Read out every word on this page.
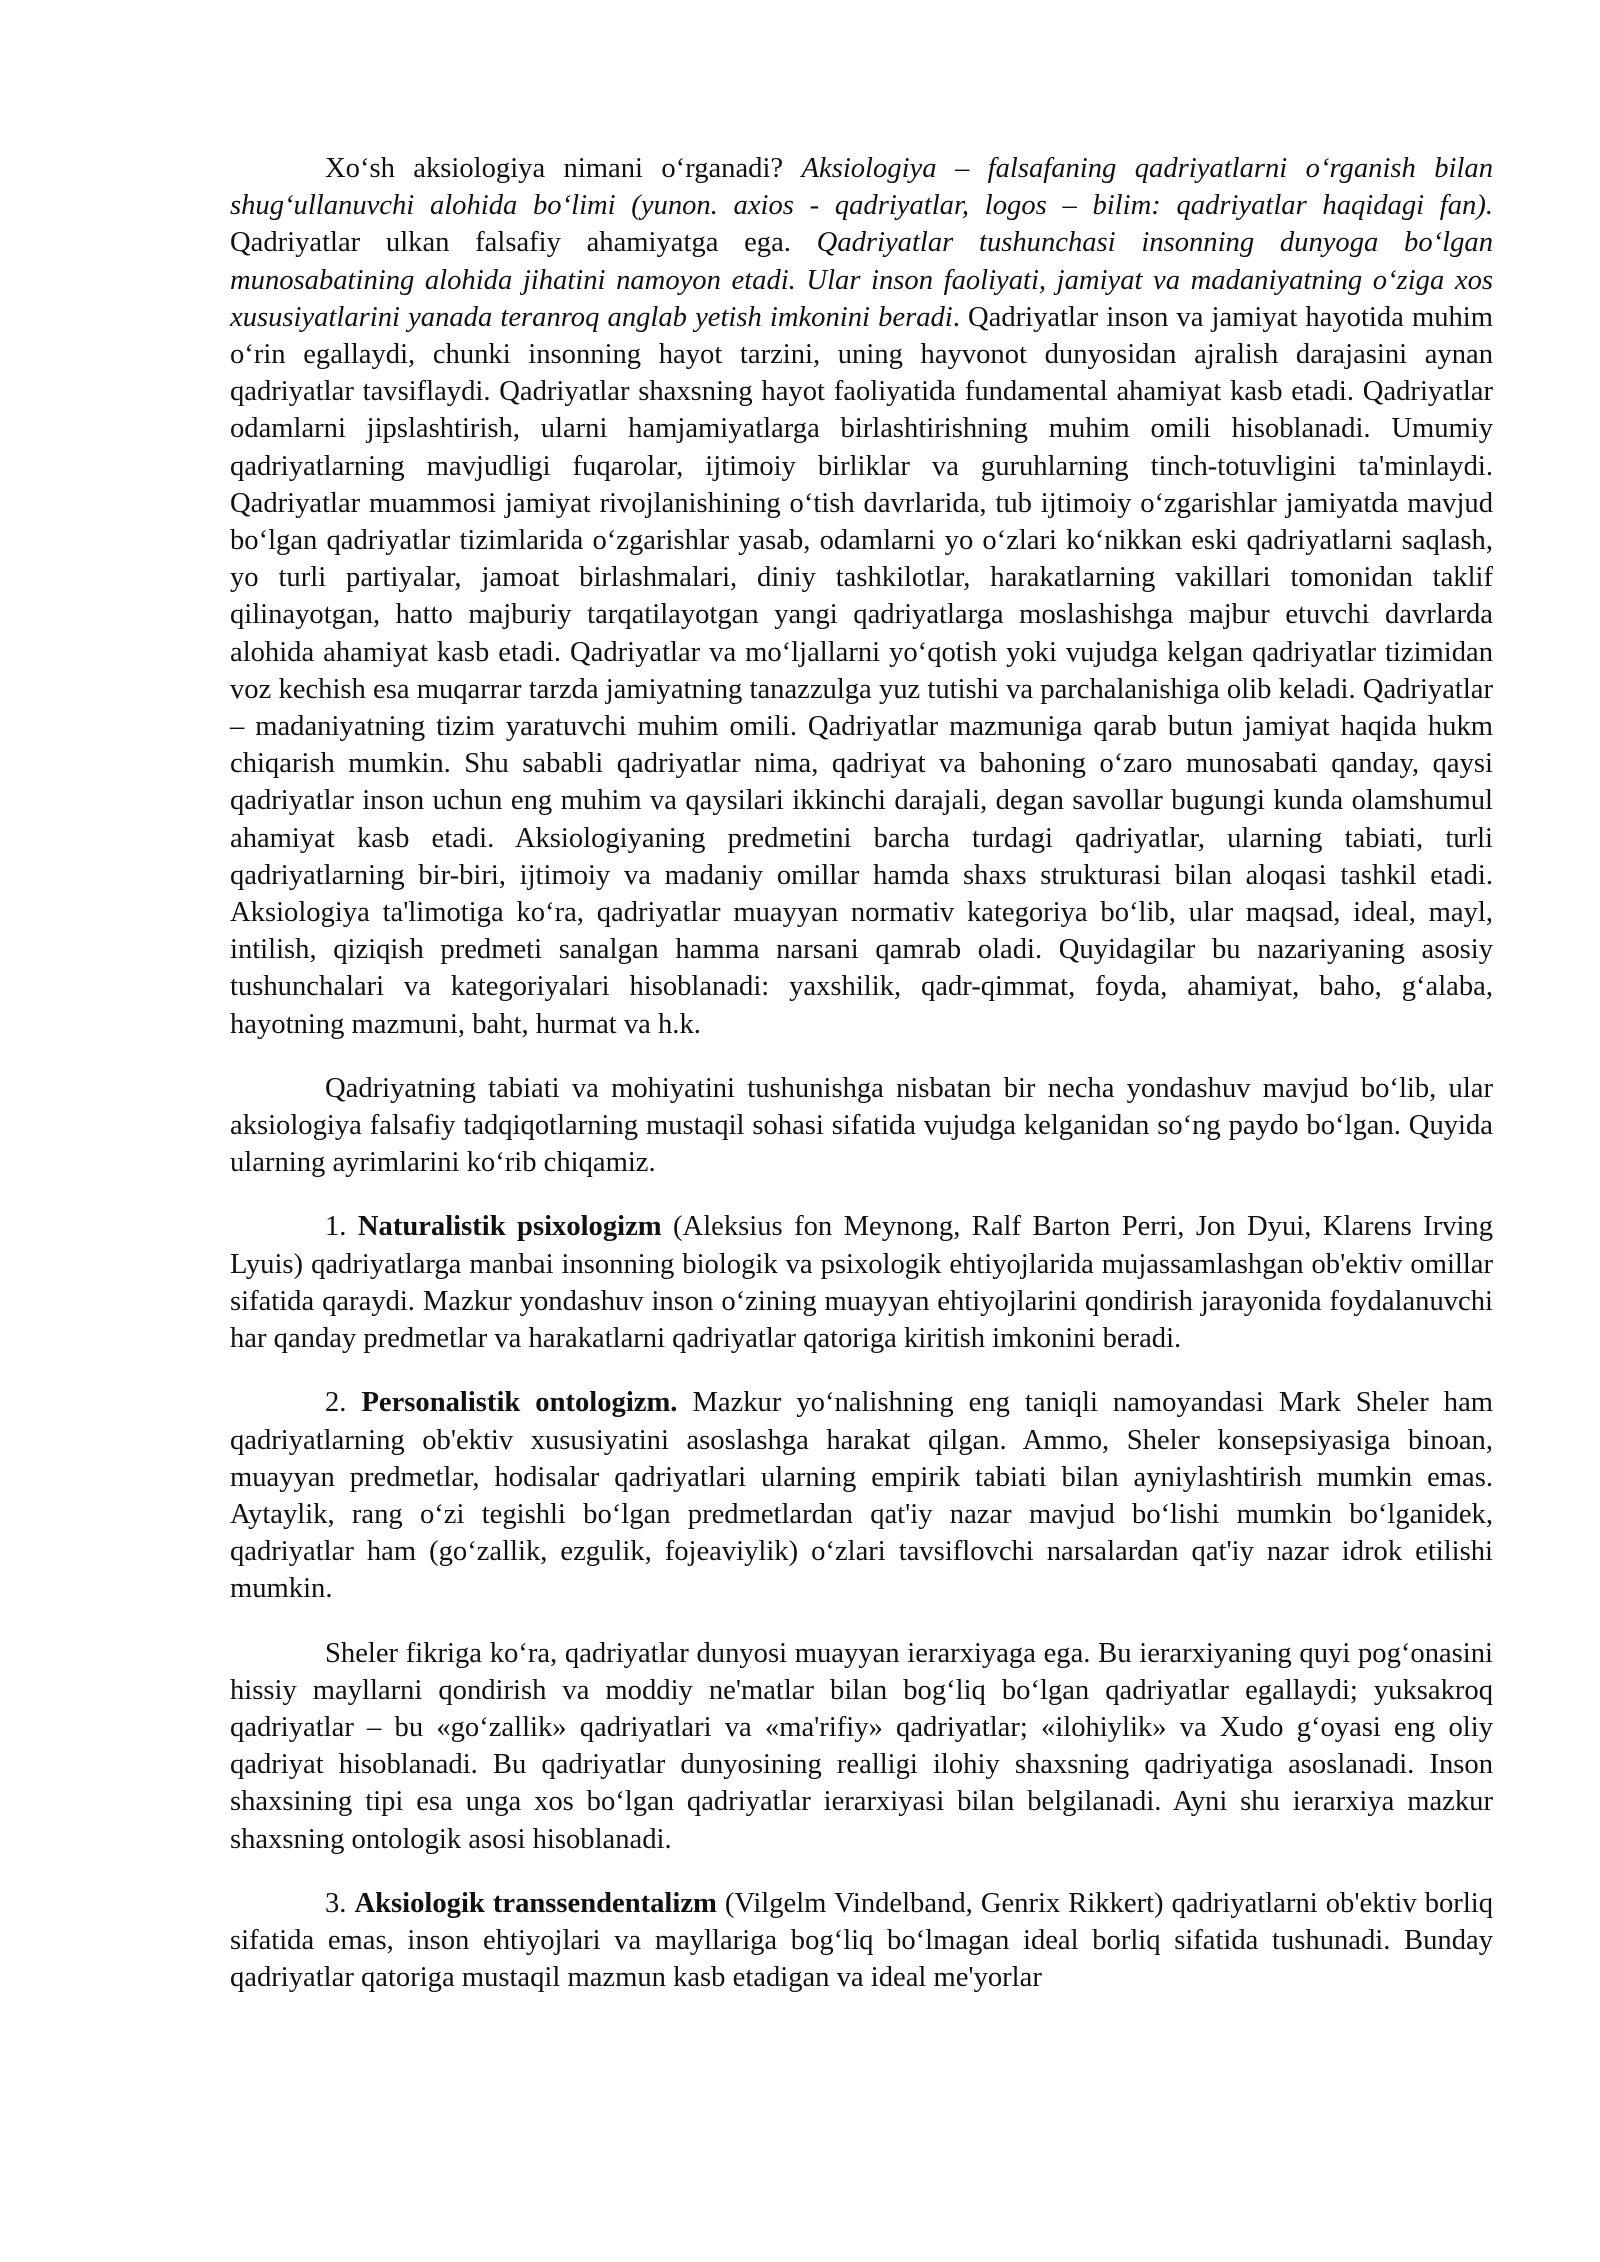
Xoʻsh aksiologiya nimani oʻrganadi? Aksiologiya – falsafaning qadriyatlarni oʻrganish bilan shugʻullanuvchi alohida boʻlimi (yunon. axios - qadriyatlar, logos – bilim: qadriyatlar haqidagi fan). Qadriyatlar ulkan falsafiy ahamiyatga ega. Qadriyatlar tushunchasi insonning dunyoga boʻlgan munosabatining alohida jihatini namoyon etadi. Ular inson faoliyati, jamiyat va madaniyatning oʻziga xos xususiyatlarini yanada teranroq anglab yetish imkonini beradi. Qadriyatlar inson va jamiyat hayotida muhim oʻrin egallaydi, chunki insonning hayot tarzini, uning hayvonot dunyosidan ajralish darajasini aynan qadriyatlar tavsiflaydi. Qadriyatlar shaxsning hayot faoliyatida fundamental ahamiyat kasb etadi. Qadriyatlar odamlarni jipslashtirish, ularni hamjamiyatlarga birlashtirishning muhim omili hisoblanadi. Umumiy qadriyatlarning mavjudligi fuqarolar, ijtimoiy birliklar va guruhlarning tinch-totuvligini ta'minlaydi. Qadriyatlar muammosi jamiyat rivojlanishining oʻtish davrlarida, tub ijtimoiy oʻzgarishlar jamiyatda mavjud boʻlgan qadriyatlar tizimlarida oʻzgarishlar yasab, odamlarni yo oʻzlari koʻnikkan eski qadriyatlarni saqlash, yo turli partiyalar, jamoat birlashmalari, diniy tashkilotlar, harakatlarning vakillari tomonidan taklif qilinayotgan, hatto majburiy tarqatilayotgan yangi qadriyatlarga moslashishga majbur etuvchi davrlarda alohida ahamiyat kasb etadi. Qadriyatlar va moʻljallarni yoʻqotish yoki vujudga kelgan qadriyatlar tizimidan voz kechish esa muqarrar tarzda jamiyatning tanazzulga yuz tutishi va parchalanishiga olib keladi. Qadriyatlar – madaniyatning tizim yaratuvchi muhim omili. Qadriyatlar mazmuniga qarab butun jamiyat haqida hukm chiqarish mumkin. Shu sababli qadriyatlar nima, qadriyat va bahoning oʻzaro munosabati qanday, qaysi qadriyatlar inson uchun eng muhim va qaysilari ikkinchi darajali, degan savollar bugungi kunda olamshumul ahamiyat kasb etadi. Aksiologiyaning predmetini barcha turdagi qadriyatlar, ularning tabiati, turli qadriyatlarning bir-biri, ijtimoiy va madaniy omillar hamda shaxs strukturasi bilan aloqasi tashkil etadi. Aksiologiya ta'limotiga koʻra, qadriyatlar muayyan normativ kategoriya boʻlib, ular maqsad, ideal, mayl, intilish, qiziqish predmeti sanalgan hamma narsani qamrab oladi. Quyidagilar bu nazariyaning asosiy tushunchalari va kategoriyalari hisoblanadi: yaxshilik, qadr-qimmat, foyda, ahamiyat, baho, gʻalaba, hayotning mazmuni, baht, hurmat va h.k.

Qadriyatning tabiati va mohiyatini tushunishga nisbatan bir necha yondashuv mavjud boʻlib, ular aksiologiya falsafiy tadqiqotlarning mustaqil sohasi sifatida vujudga kelganidan soʻng paydo boʻlgan. Quyida ularning ayrimlarini koʻrib chiqamiz.

1. Naturalistik psixologizm (Aleksius fon Meynong, Ralf Barton Perri, Jon Dyui, Klarens Irving Lyuis) qadriyatlarga manbai insonning biologik va psixologik ehtiyojlarida mujassamlashgan ob'ektiv omillar sifatida qaraydi. Mazkur yondashuv inson oʻzining muayyan ehtiyojlarini qondirish jarayonida foydalanuvchi har qanday predmetlar va harakatlarni qadriyatlar qatoriga kiritish imkonini beradi.

2. Personalistik ontologizm. Mazkur yoʻnalishning eng taniqli namoyandasi Mark Sheler ham qadriyatlarning ob'ektiv xususiyatini asoslashga harakat qilgan. Ammo, Sheler konsepsiyasiga binoan, muayyan predmetlar, hodisalar qadriyatlari ularning empirik tabiati bilan ayniylashtirish mumkin emas. Aytaylik, rang oʻzi tegishli boʻlgan predmetlardan qat'iy nazar mavjud boʻlishi mumkin boʻlganidek, qadriyatlar ham (goʻzallik, ezgulik, fojeaviylik) oʻzlari tavsiflovchi narsalardan qat'iy nazar idrok etilishi mumkin.

Sheler fikriga koʻra, qadriyatlar dunyosi muayyan ierarxiyaga ega. Bu ierarxiyaning quyi pogʻonasini hissiy mayllarni qondirish va moddiy ne'matlar bilan bogʻliq boʻlgan qadriyatlar egallaydi; yuksakroq qadriyatlar – bu «goʻzallik» qadriyatlari va «ma'rifiy» qadriyatlar; «ilohiylik» va Xudo gʻoyasi eng oliy qadriyat hisoblanadi. Bu qadriyatlar dunyosining realligi ilohiy shaxsning qadriyatiga asoslanadi. Inson shaxsining tipi esa unga xos boʻlgan qadriyatlar ierarxiyasi bilan belgilanadi. Ayni shu ierarxiya mazkur shaxsning ontologik asosi hisoblanadi.

3. Aksiologik transsendentalizm (Vilgelm Vindelband, Genrix Rikkert) qadriyatlarni ob'ektiv borliq sifatida emas, inson ehtiyojlari va mayllariga bogʻliq boʻlmagan ideal borliq sifatida tushunadi. Bunday qadriyatlar qatoriga mustaqil mazmun kasb etadigan va ideal me'yorlar
